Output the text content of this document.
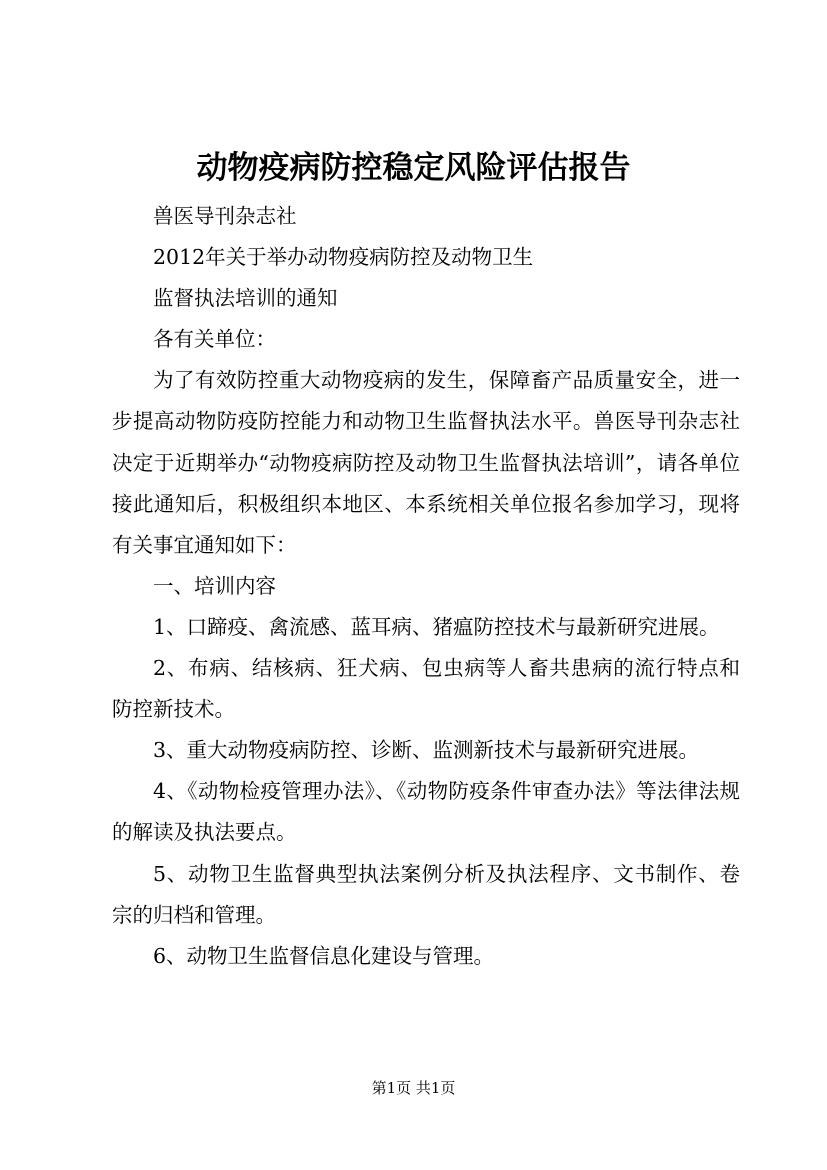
动物疫病防控稳定风险评估报告

兽医导刊杂志社

2012年关于举办动物疫病防控及动物卫生

监督执法培训的通知

各有关单位：

为了有效防控重大动物疫病的发生，保障畜产品质量安全，进一步提高动物防疫防控能力和动物卫生监督执法水平。兽医导刊杂志社决定于近期举办“动物疫病防控及动物卫生监督执法培训”，请各单位接此通知后，积极组织本地区、本系统相关单位报名参加学习，现将有关事宜通知如下：

一、培训内容

1、口蹄疫、禽流感、蓝耳病、猪瘟防控技术与最新研究进展。

2、布病、结核病、狂犬病、包虫病等人畜共患病的流行特点和防控新技术。

3、重大动物疫病防控、诊断、监测新技术与最新研究进展。

4、《动物检疫管理办法》、《动物防疫条件审查办法》等法律法规的解读及执法要点。

5、动物卫生监督典型执法案例分析及执法程序、文书制作、卷宗的归档和管理。

6、动物卫生监督信息化建设与管理。

第1页 共1页
